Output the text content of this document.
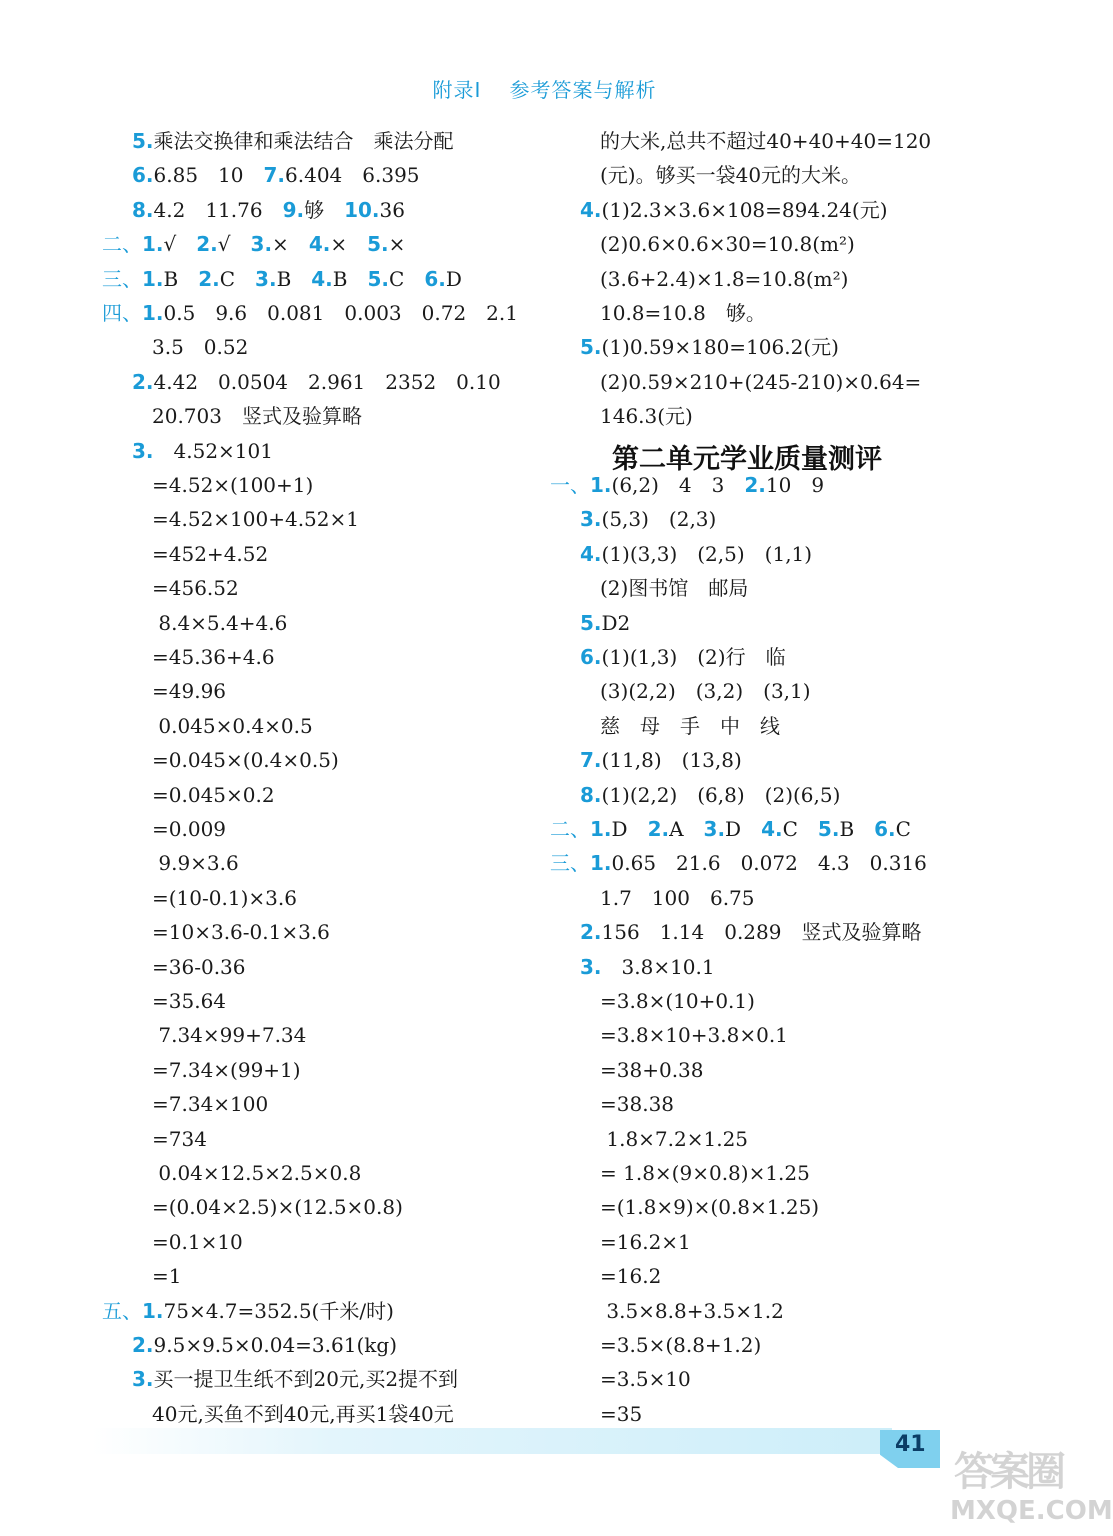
附录Ⅰ 参考答案与解析
5.乘法交换律和乘法结合　乘法分配
6.6.85　10　7.6.404　6.395
8.4.2　11.76　9.够　10.36
二、1.√　2.√　3.×　4.×　5.×
三、1.B　2.C　3.B　4.B　5.C　6.D
四、1.0.5　9.6　0.081　0.003　0.72　2.1
3.5　0.52
2.4.42　0.0504　2.961　2352　0.10
20.703　竖式及验算略
3.　4.52×101
=4.52×(100+1)
=4.52×100+4.52×1
=452+4.52
=456.52
8.4×5.4+4.6
=45.36+4.6
=49.96
0.045×0.4×0.5
=0.045×(0.4×0.5)
=0.045×0.2
=0.009
9.9×3.6
=(10-0.1)×3.6
=10×3.6-0.1×3.6
=36-0.36
=35.64
7.34×99+7.34
=7.34×(99+1)
=7.34×100
=734
0.04×12.5×2.5×0.8
=(0.04×2.5)×(12.5×0.8)
=0.1×10
=1
五、1.75×4.7=352.5(千米/时)
2.9.5×9.5×0.04=3.61(kg)
3.买一提卫生纸不到20元,买2提不到
40元,买鱼不到40元,再买1袋40元
的大米,总共不超过40+40+40=120
(元)。够买一袋40元的大米。
4.(1)2.3×3.6×108=894.24(元)
(2)0.6×0.6×30=10.8(m²)
(3.6+2.4)×1.8=10.8(m²)
10.8=10.8　够。
5.(1)0.59×180=106.2(元)
(2)0.59×210+(245-210)×0.64=
146.3(元)
一、1.(6,2)　4　3　2.10　9
3.(5,3)　(2,3)
4.(1)(3,3)　(2,5)　(1,1)
(2)图书馆　邮局
5.D2
6.(1)(1,3)　(2)行　临
(3)(2,2)　(3,2)　(3,1)
慈　母　手　中　线
7.(11,8)　(13,8)
8.(1)(2,2)　(6,8)　(2)(6,5)
二、1.D　2.A　3.D　4.C　5.B　6.C
三、1.0.65　21.6　0.072　4.3　0.316
1.7　100　6.75
2.156　1.14　0.289　竖式及验算略
3.　3.8×10.1
=3.8×(10+0.1)
=3.8×10+3.8×0.1
=38+0.38
=38.38
1.8×7.2×1.25
= 1.8×(9×0.8)×1.25
=(1.8×9)×(0.8×1.25)
=16.2×1
=16.2
3.5×8.8+3.5×1.2
=3.5×(8.8+1.2)
=3.5×10
=35
41
答案圈
MXQE.COM
第二单元学业质量测评
